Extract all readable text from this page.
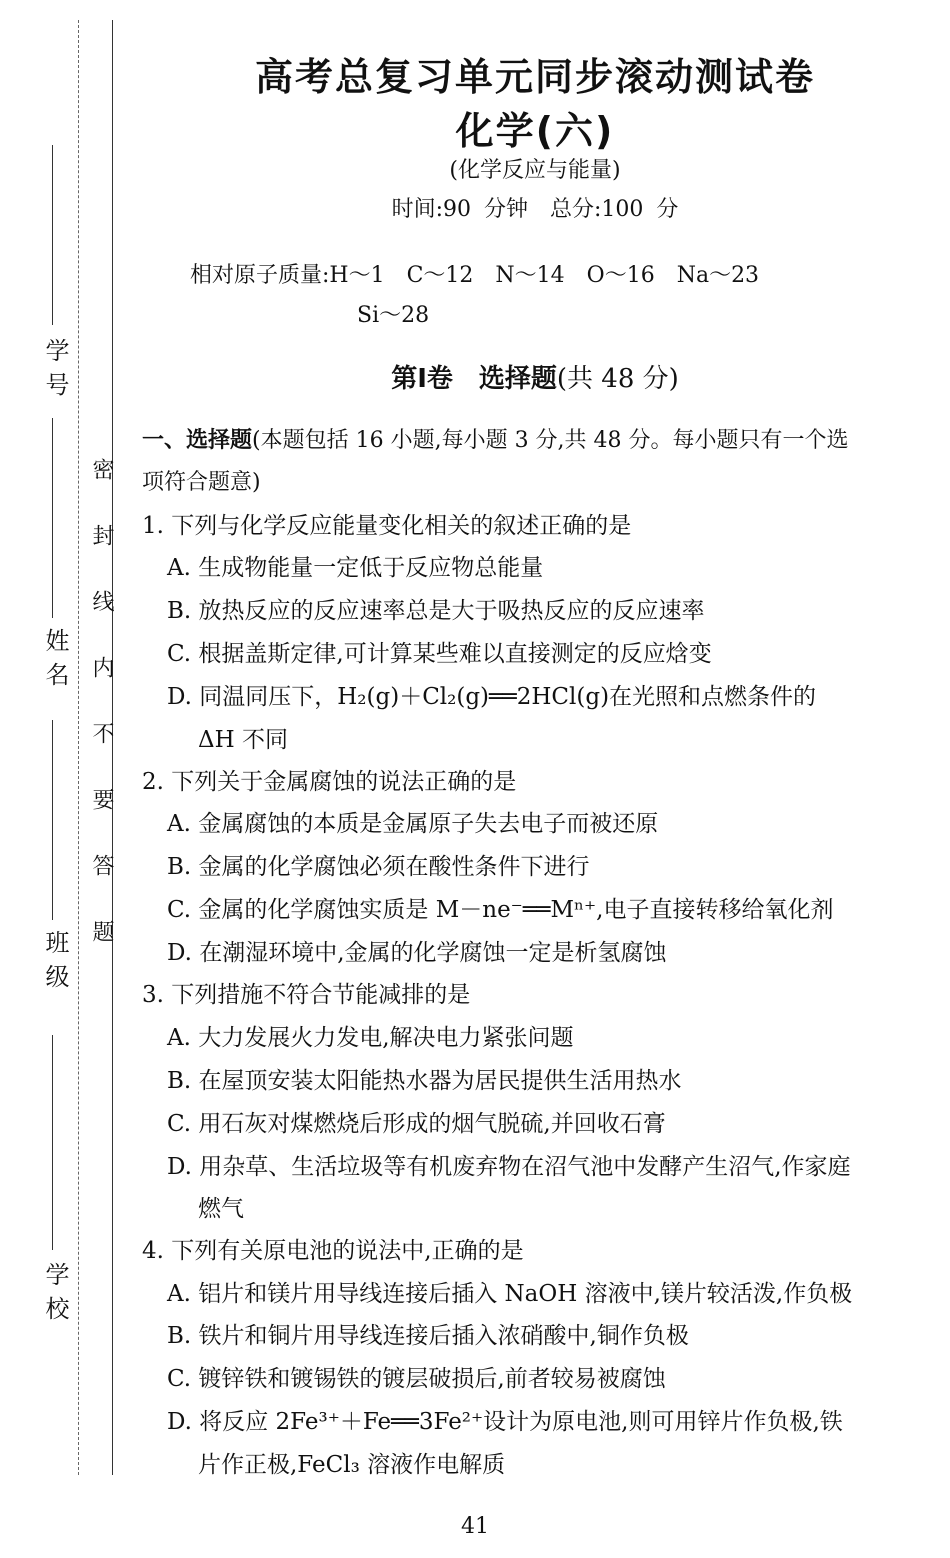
学号
姓名
班级
学校
密封线内不要答题
高考总复习单元同步滚动测试卷
化学(六)
(化学反应与能量)
时间:90 分钟　总分:100 分
相对原子质量:H～1　C～12　N～14　O～16　Na～23
Si～28
第Ⅰ卷　选择题(共 48 分)
一、选择题(本题包括 16 小题,每小题 3 分,共 48 分。每小题只有一个选
项符合题意)
1. 下列与化学反应能量变化相关的叙述正确的是
A. 生成物能量一定低于反应物总能量
B. 放热反应的反应速率总是大于吸热反应的反应速率
C. 根据盖斯定律,可计算某些难以直接测定的反应焓变
D. 同温同压下，H₂(g)＋Cl₂(g)══2HCl(g)在光照和点燃条件的
ΔH 不同
2. 下列关于金属腐蚀的说法正确的是
A. 金属腐蚀的本质是金属原子失去电子而被还原
B. 金属的化学腐蚀必须在酸性条件下进行
C. 金属的化学腐蚀实质是 M－ne⁻══Mⁿ⁺,电子直接转移给氧化剂
D. 在潮湿环境中,金属的化学腐蚀一定是析氢腐蚀
3. 下列措施不符合节能减排的是
A. 大力发展火力发电,解决电力紧张问题
B. 在屋顶安装太阳能热水器为居民提供生活用热水
C. 用石灰对煤燃烧后形成的烟气脱硫,并回收石膏
D. 用杂草、生活垃圾等有机废弃物在沼气池中发酵产生沼气,作家庭
燃气
4. 下列有关原电池的说法中,正确的是
A. 铝片和镁片用导线连接后插入 NaOH 溶液中,镁片较活泼,作负极
B. 铁片和铜片用导线连接后插入浓硝酸中,铜作负极
C. 镀锌铁和镀锡铁的镀层破损后,前者较易被腐蚀
D. 将反应 2Fe³⁺＋Fe══3Fe²⁺设计为原电池,则可用锌片作负极,铁
片作正极,FeCl₃ 溶液作电解质
41
